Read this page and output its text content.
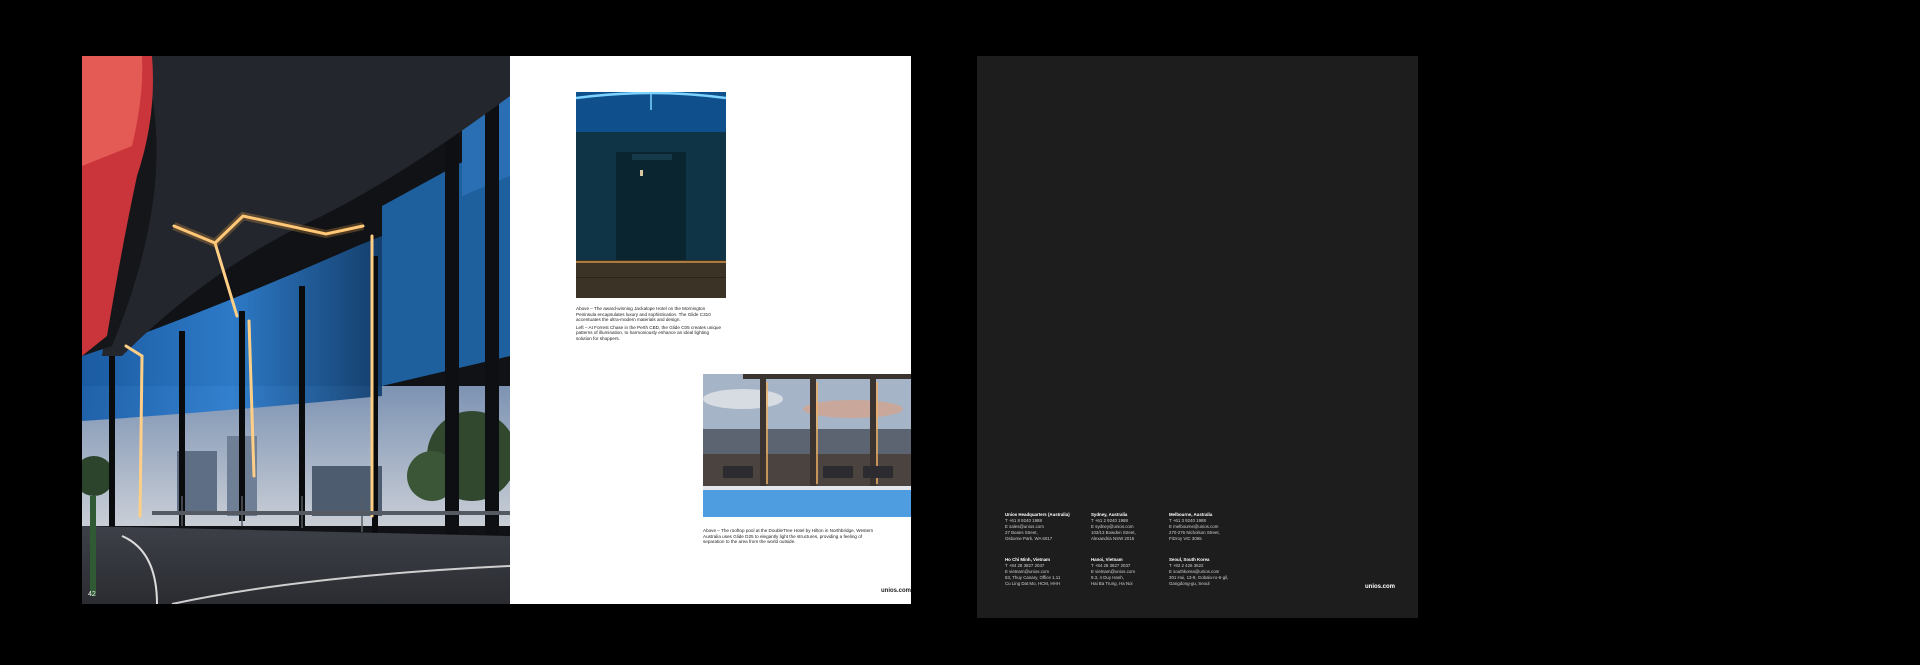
42

Above – The award-winning Jackalope Hotel on the Mornington Peninsula encapsulates luxury and sophistication. The Glide C310 accentuates the ultra-modern materials and design.

Left – At Forrest Chase in the Perth CBD, the Glide C05 creates unique patterns of illumination, to harmoniously enhance an ideal lighting solution for shoppers.

Above – The rooftop pool at the DoubleTree Hotel by Hilton in Northbridge, Western Australia uses Glide D25 to elegantly light the structures, providing a feeling of separation to the area from the world outside.
unios.com
Unios Headquarters (Australia)
T +61 8 9240 1988
E sales@unios.com
27 Boans Street,
Osborne Park, WA 6017
Sydney, Australia
T +61 2 9240 1988
E sydney@unios.com
103/13 Bowden Street,
Alexandria NSW 2015
Melbourne, Australia
T +61 3 9240 1988
E melbourne@unios.com
270-276 Nicholson Street,
Fitzroy VIC 3065
Ho Chi Minh, Vietnam
T +84 28 3827 2037
E vietnam@unios.com
83, Thuy Canary, Office 1.11
Cu Ling Dat Mo, HCM, HHH
Hanoi, Vietnam
T +84 28 3827 2037
E vietnam@unios.com
9.3, 4 Duy Hanh,
Hai Ba Trung, Ha Noi
Seoul, South Korea
T +82 2 426 3622
E southkorea@unios.com
301 Hui, 13-9, Gobalo-ro-6-gil,
Gangdong-gu, Seoul
unios.com
